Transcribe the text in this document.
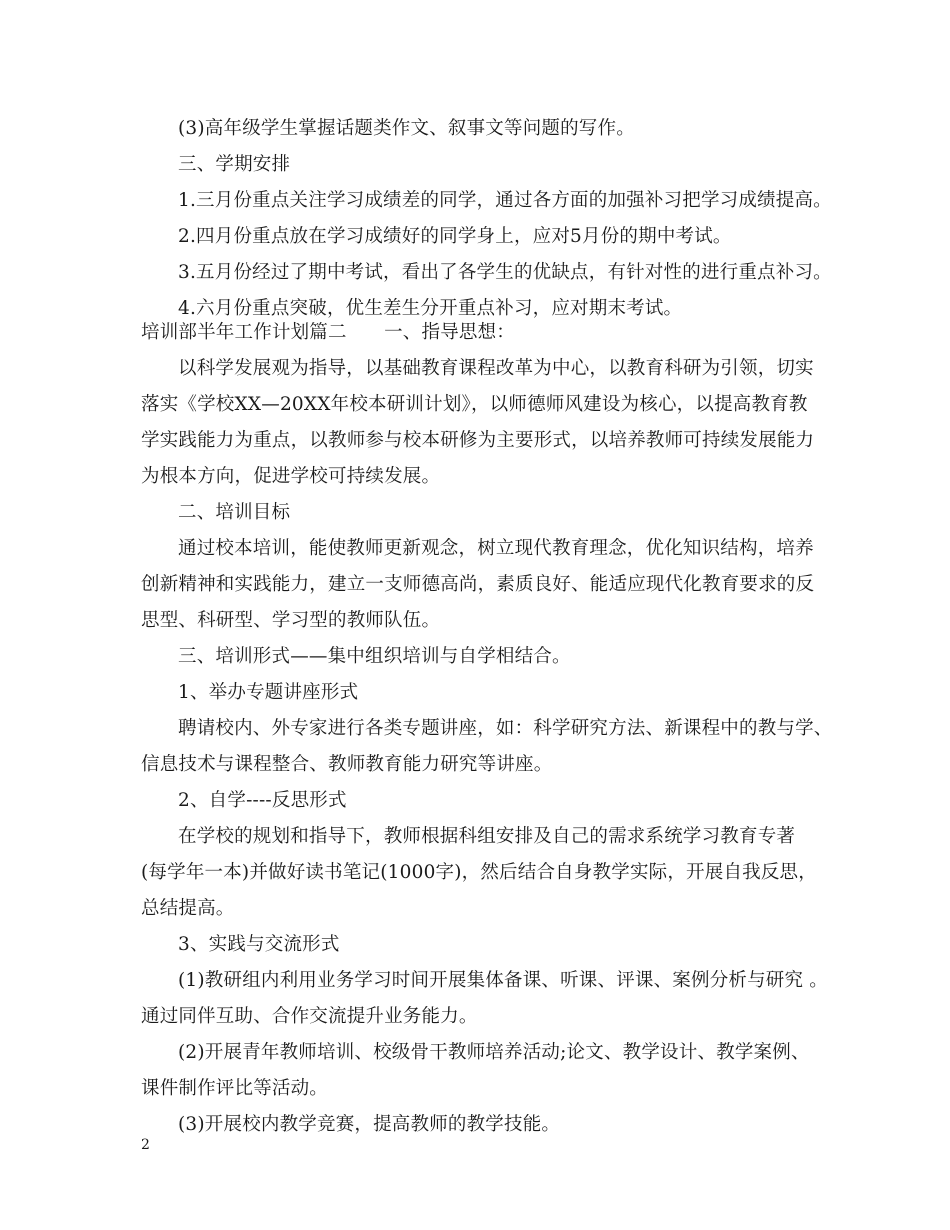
(3)高年级学生掌握话题类作文、叙事文等问题的写作。
三、学期安排
1.三月份重点关注学习成绩差的同学，通过各方面的加强补习把学习成绩提高。
2.四月份重点放在学习成绩好的同学身上，应对5月份的期中考试。
3.五月份经过了期中考试，看出了各学生的优缺点，有针对性的进行重点补习。
4.六月份重点突破，优生差生分开重点补习，应对期末考试。
培训部半年工作计划篇二　　一、指导思想：
以科学发展观为指导，以基础教育课程改革为中心，以教育科研为引领，切实
落实《学校XX—20XX年校本研训计划》，以师德师风建设为核心，以提高教育教
学实践能力为重点，以教师参与校本研修为主要形式，以培养教师可持续发展能力
为根本方向，促进学校可持续发展。
二、培训目标
通过校本培训，能使教师更新观念，树立现代教育理念，优化知识结构，培养
创新精神和实践能力，建立一支师德高尚，素质良好、能适应现代化教育要求的反
思型、科研型、学习型的教师队伍。
三、培训形式——集中组织培训与自学相结合。
1、举办专题讲座形式
聘请校内、外专家进行各类专题讲座，如：科学研究方法、新课程中的教与学、
信息技术与课程整合、教师教育能力研究等讲座。
2、自学----反思形式
在学校的规划和指导下，教师根据科组安排及自己的需求系统学习教育专著
(每学年一本)并做好读书笔记(1000字)，然后结合自身教学实际，开展自我反思，
总结提高。
3、实践与交流形式
(1)教研组内利用业务学习时间开展集体备课、听课、评课、案例分析与研究 。
通过同伴互助、合作交流提升业务能力。
(2)开展青年教师培训、校级骨干教师培养活动;论文、教学设计、教学案例、
课件制作评比等活动。
(3)开展校内教学竞赛，提高教师的教学技能。
2
